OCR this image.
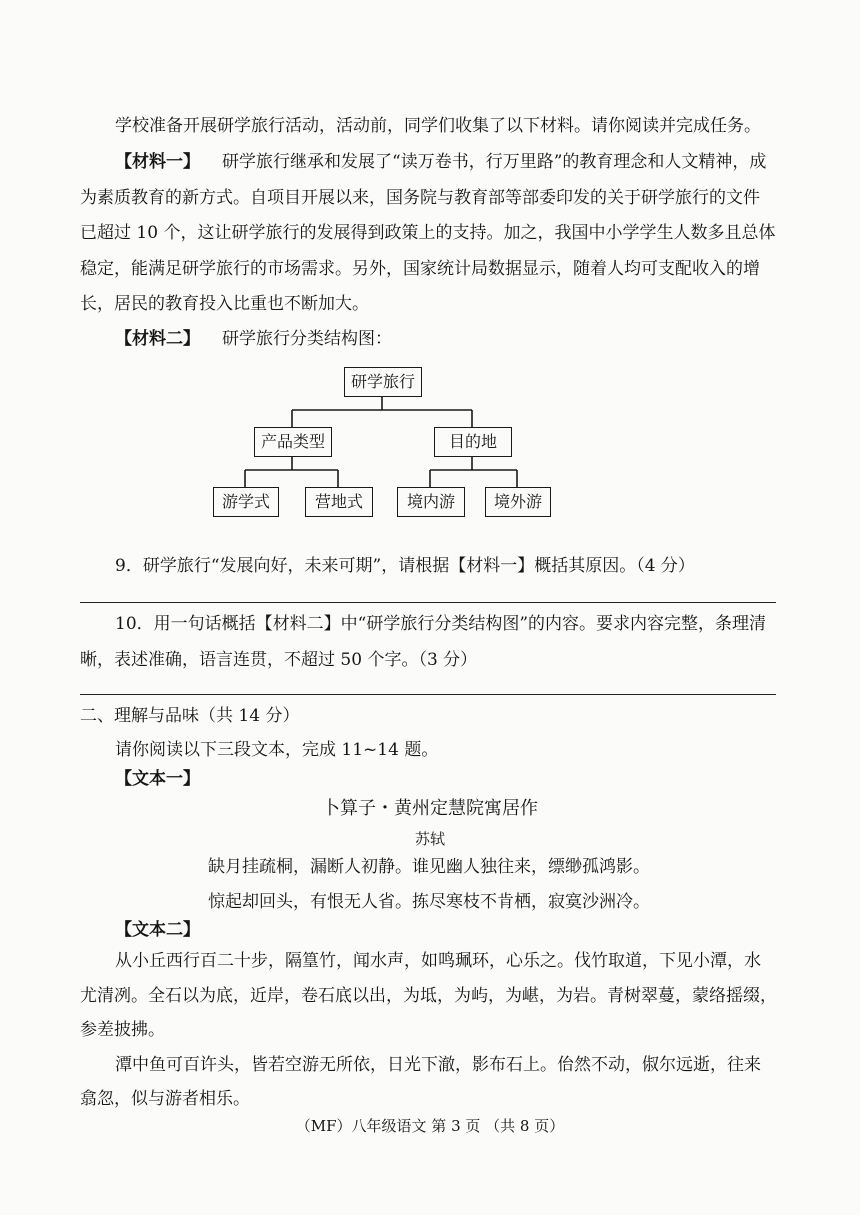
学校准备开展研学旅行活动，活动前，同学们收集了以下材料。请你阅读并完成任务。
【材料一】 研学旅行继承和发展了“读万卷书，行万里路”的教育理念和人文精神，成
为素质教育的新方式。自项目开展以来，国务院与教育部等部委印发的关于研学旅行的文件
已超过 10 个，这让研学旅行的发展得到政策上的支持。加之，我国中小学学生人数多且总体
稳定，能满足研学旅行的市场需求。另外，国家统计局数据显示，随着人均可支配收入的增
长，居民的教育投入比重也不断加大。
【材料二】 研学旅行分类结构图：
研学旅行
产品类型	目的地
游学式	营地式	境内游	境外游
9．研学旅行“发展向好，未来可期”，请根据【材料一】概括其原因。（4 分）
10．用一句话概括【材料二】中“研学旅行分类结构图”的内容。要求内容完整，条理清
晰，表述准确，语言连贯，不超过 50 个字。（3 分）
二、理解与品味（共 14 分）
请你阅读以下三段文本，完成 11~14 题。
【文本一】
卜算子・黄州定慧院寓居作
苏轼
缺月挂疏桐，漏断人初静。谁见幽人独往来，缥缈孤鸿影。
惊起却回头，有恨无人省。拣尽寒枝不肯栖，寂寞沙洲冷。
【文本二】
从小丘西行百二十步，隔篁竹，闻水声，如鸣珮环，心乐之。伐竹取道，下见小潭，水
尤清冽。全石以为底，近岸，卷石底以出，为坻，为屿，为嵁，为岩。青树翠蔓，蒙络摇缀，
参差披拂。
潭中鱼可百许头，皆若空游无所依，日光下澈，影布石上。佁然不动，俶尔远逝，往来
翕忽，似与游者相乐。
（MF）八年级语文 第 3 页 （共 8 页）
